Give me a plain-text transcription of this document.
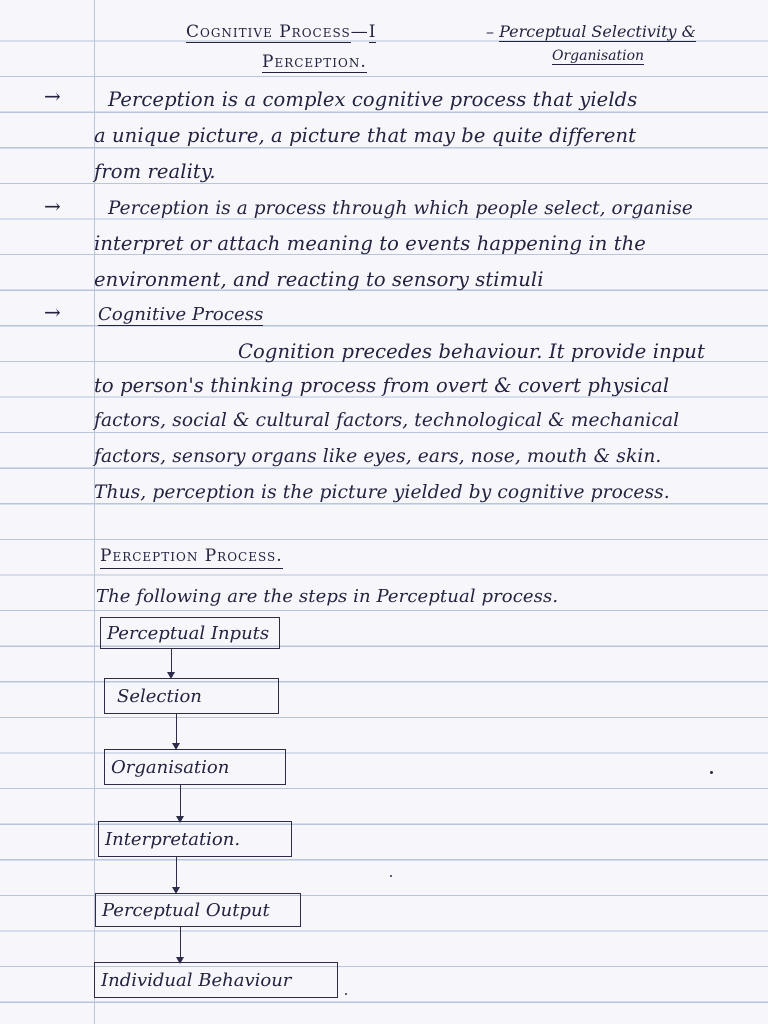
Cognitive Process—I	– Perceptual Selectivity &
Perception.	Organisation
→ Perception is a complex cognitive process that yields
a unique picture, a picture that may be quite different
from reality.
→	Perception is a process through which people select, organise
interpret or attach meaning to events happening in the
environment, and reacting to sensory stimuli
→ Cognitive Process
Cognition precedes behaviour. It provide input
to person's thinking process from overt & covert physical
factors, social & cultural factors, technological & mechanical
factors, sensory organs like eyes, ears, nose, mouth & skin.
Thus, perception is the picture yielded by cognitive process.
Perception Process.
The following are the steps in Perceptual process.
Perceptual Inputs
Selection
Organisation
Interpretation.
Perceptual Output
Individual Behaviour
